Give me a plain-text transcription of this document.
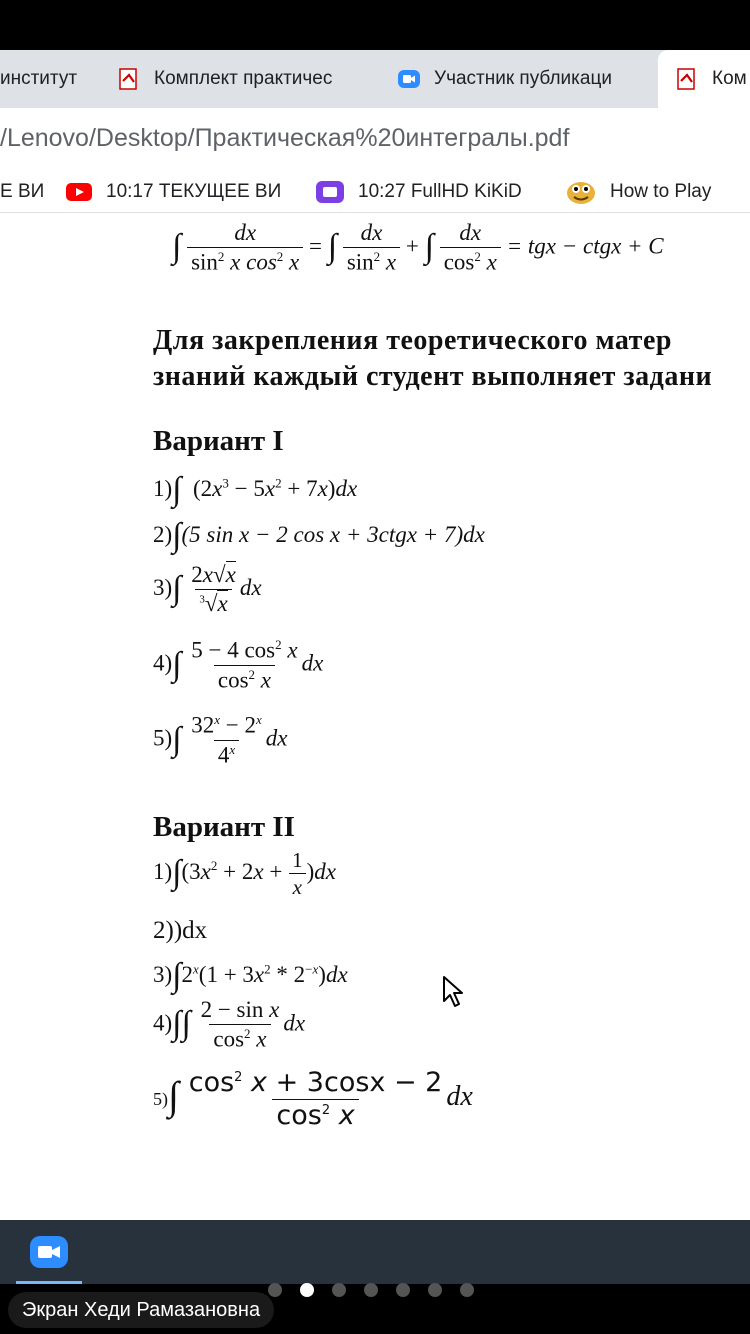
институт	Комплект практичес	Участник публикаци	Ком
/Lenovo/Desktop/Практическая%20интегралы.pdf
Е ВИ	10:17 ТЕКУЩЕЕ ВИ	10:27 FullHD KiKiD	How to Play
∫ $\frac{dx}{\sin^2 x \cos^2 x}$ = ∫ $\frac{dx}{\sin^2 x}$ + ∫ $\frac{dx}{\cos^2 x}$ = tgx − ctgx + C
Для закрепления теоретического матер
знаний каждый студент выполняет задани
Вариант I
1)∫  $(2x^3 - 5x^2 + 7x)dx$
2)∫(5 sin x − 2 cos x + 3ctgx + 7)dx
$3)\int \frac{2x√x}{^3√x}$ dx
$4)\int \frac{5 - 4 \cos^2 x}{\cos^2 x}$ dx
$5)\int \frac{32^x - 2^x}{4^x}$ dx
Вариант II
$1)\int(3x^2 + 2x + \frac{1}{x} )dx$
2))dx
$3)\int 2^x(1 + 3x^2 * 2^{-x})dx$
$4)\int\int \frac{\text{2 − sin x}}{\cos^2 x}$ dx
$5)\int \frac{\cos^2 x + 3\cos x - 2}{\cos^2 x}$ dx
Экран Хеди Рамазановна
